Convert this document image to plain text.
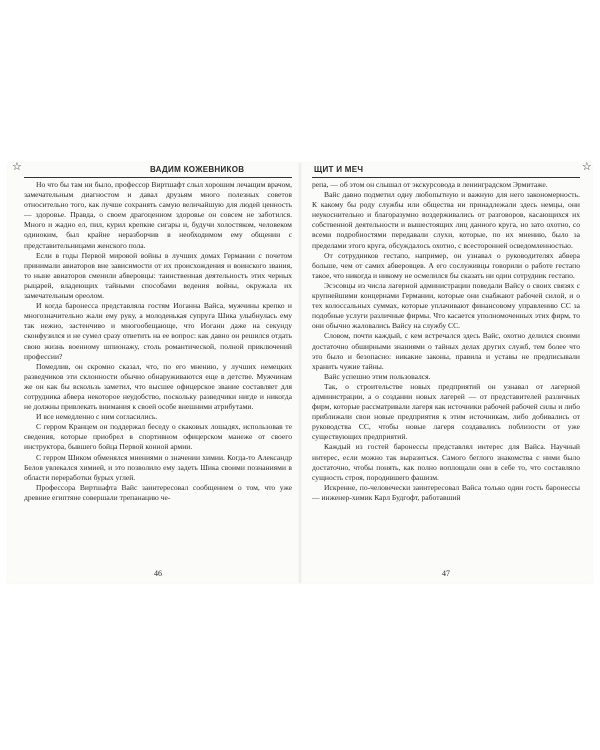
☆	ВАДИМ КОЖЕВНИКОВ

Но что бы там ни было, профессор Виртшафт слыл хорошим лечащим врачом, замечательным диагностом и давал друзьям много полезных советов относительно того, как лучше сохранять самую величайшую для людей ценность — здоровье. Правда, о своем драгоценном здоровье он совсем не заботился. Много и жадно ел, пил, курил крепкие сигары и, будучи холостяком, человеком одиноким, был крайне неразборчив в необходимом ему общении с представительницами женского пола.

Если в годы Первой мировой войны в лучших домах Германии с почетом принимали авиаторов вне зависимости от их происхождения и воинского звания, то ныне авиаторов сменили абверовцы: таинственная деятельность этих черных рыцарей, владеющих тайными способами ведения войны, окружала их замечательным ореолом.

И когда баронесса представляла гостям Иоганна Вайса, мужчины крепко и многозначительно жали ему руку, а молоденькая супруга Шика улыбнулась ему так нежно, застенчиво и многообещающе, что Иоганн даже на секунду сконфузился и не сумел сразу ответить на ее вопрос: как давно он решился отдать свою жизнь военному шпионажу, столь романтической, полной приключений профессии?

Помедлив, он скромно сказал, что, по его мнению, у лучших немецких разведчиков эти склонности обычно обнаруживаются еще в детстве. Мужчинам же он как бы вскользь заметил, что высшее офицерское звание составляет для сотрудника абвера некоторое неудобство, поскольку разведчики нигде и никогда не должны привлекать внимания к своей особе внешними атрибутами.

И все немедленно с ним согласились.

С герром Кранцем он поддержал беседу о скаковых лошадях, использовав те сведения, которые приобрел в спортивном офицерском манеже от своего инструктора, бывшего бойца Первой конной армии.

С герром Шиком обменялся мнениями о значении химии. Когда-то Александр Белов увлекался химией, и это позволило ему задеть Шика своими познаниями в области переработки бурых углей.

Профессора Виртшафта Вайс заинтересовал сообщением о том, что уже древние египтяне совершали трепанацию че-

46
ЩИТ И МЕЧ	☆

репа, — об этом он слышал от экскурсовода в ленинградском Эрмитаже.

Вайс давно подметил одну любопытную и важную для него закономерность. К какому бы роду службы или общества ни принадлежали здесь немцы, они неукоснительно и благоразумно воздерживались от разговоров, касающихся их собственной деятельности и вышестоящих лиц данного круга, но зато охотно, со всеми подробностями передавали слухи, которые, по их мнению, было за пределами этого круга, обсуждалось охотно, с всесторонней осведомленностью.

От сотрудников гестапо, например, он узнавал о руководителях абвера больше, чем от самих абверовцев. А его сослуживцы говорили о работе гестапо такое, что никогда и никому не осмелился бы сказать ни один сотрудник гестапо.

Эсэсовцы из числа лагерной администрации поведали Вайсу о своих связях с крупнейшими концернами Германии, которые они снабжают рабочей силой, и о тех колоссальных суммах, которые уплачивают финансовому управлению СС за подобные услуги различные фирмы. Что касается уполномоченных этих фирм, то они обычно жаловались Вайсу на службу СС.

Словом, почти каждый, с кем встречался здесь Вайс, охотно делился своими достаточно обширными знаниями о тайных делах других служб, тем более что это было и безопасно: никакие законы, правила и уставы не предписывали хранить чужие тайны.

Вайс успешно этим пользовался.

Так, о строительстве новых предприятий он узнавал от лагерной администрации, а о создании новых лагерей — от представителей различных фирм, которые рассматривали лагеря как источники рабочей рабочей силы и либо приближали свои новые предприятия к этим источникам, либо добивались от руководства СС, чтобы новые лагеря создавались поблизости от уже существующих предприятий.

Каждый из гостей баронессы представлял интерес для Вайса. Научный интерес, если можно так выразиться. Самого беглого знакомства с ними было достаточно, чтобы понять, как полно воплощали они в себе то, что составляло сущность строя, породившего фашизм.

Искренне, по-человечески заинтересовал Вайса только один гость баронессы — инженер-химик Карл Будгофт, работавший

47
